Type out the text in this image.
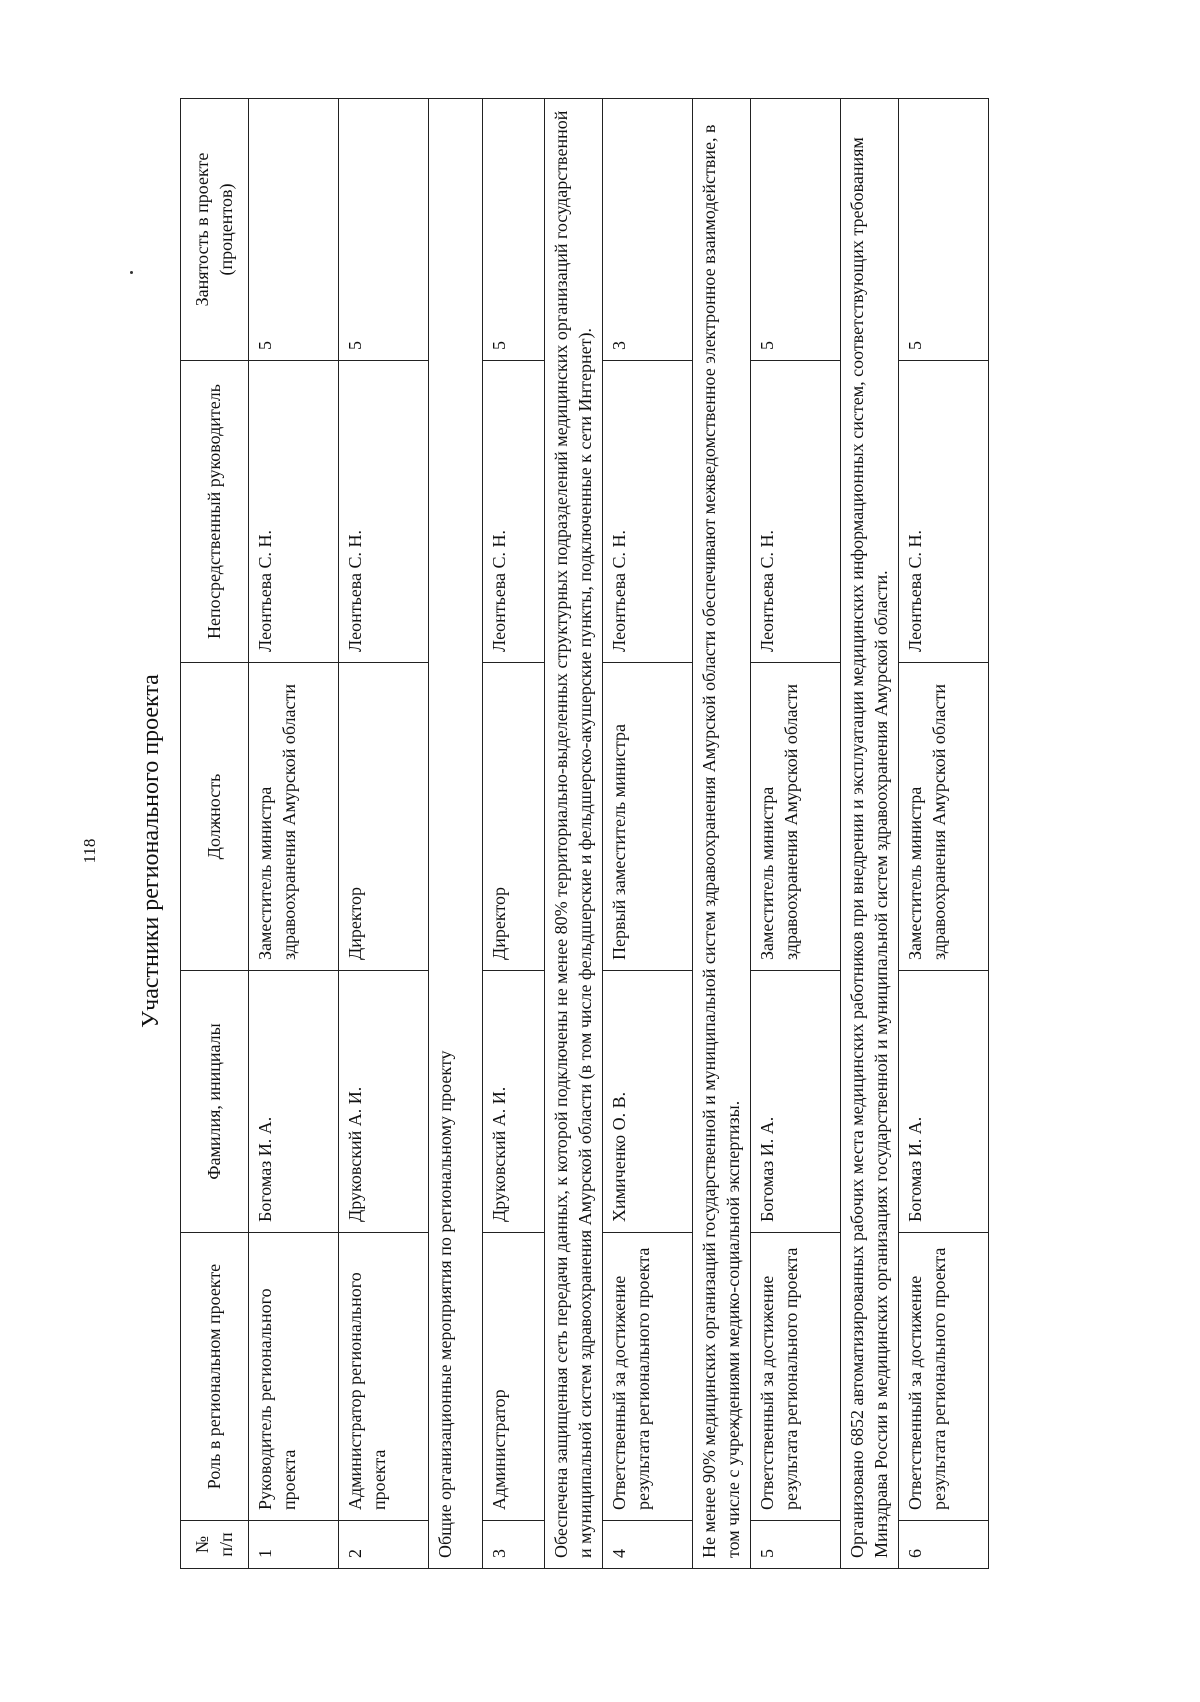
118 Участники регионального проекта
№ п/п	Роль в региональном проекте	Фамилия, инициалы	Должность	Непосредственный руководитель	Занятость в проекте (процентов)
1	Руководитель регионального проекта	Богомаз И. А.	Заместитель министра здравоохранения Амурской области	Леонтьева С. Н.	5
2	Администратор регионального проекта	Друковский А. И.	Директор	Леонтьева С. Н.	5
Общие организационные мероприятия по региональному проекту					
3	Администратор	Друковский А. И.	Директор	Леонтьева С. Н.	5
Обеспечена защищенная сеть передачи данных, к которой подключены не менее 80% территориально-выделенных структурных подразделений медицинских организаций государственной и муниципальной систем здравоохранения Амурской области (в том числе фельдшерские и фельдшерско-акушерские пункты, подключенные к сети Интернет).					
4	Ответственный за достижение результата регионального проекта	Химиченко О. В.	Первый заместитель министра	Леонтьева С. Н.	3
Не менее 90% медицинских организаций государственной и муниципальной систем здравоохранения Амурской области обеспечивают межведомственное электронное взаимодействие, в том числе с учреждениями медико-социальной экспертизы.					
5	Ответственный за достижение результата регионального проекта	Богомаз И. А.	Заместитель министра здравоохранения Амурской области	Леонтьева С. Н.	5
Организовано 6852 автоматизированных рабочих места медицинских работников при внедрении и эксплуатации медицинских информационных систем, соответствующих требованиям Минздрава России в медицинских организациях государственной и муниципальной систем здравоохранения Амурской области.					
6	Ответственный за достижение результата регионального проекта	Богомаз И. А.	Заместитель министра здравоохранения Амурской области	Леонтьева С. Н.	5
